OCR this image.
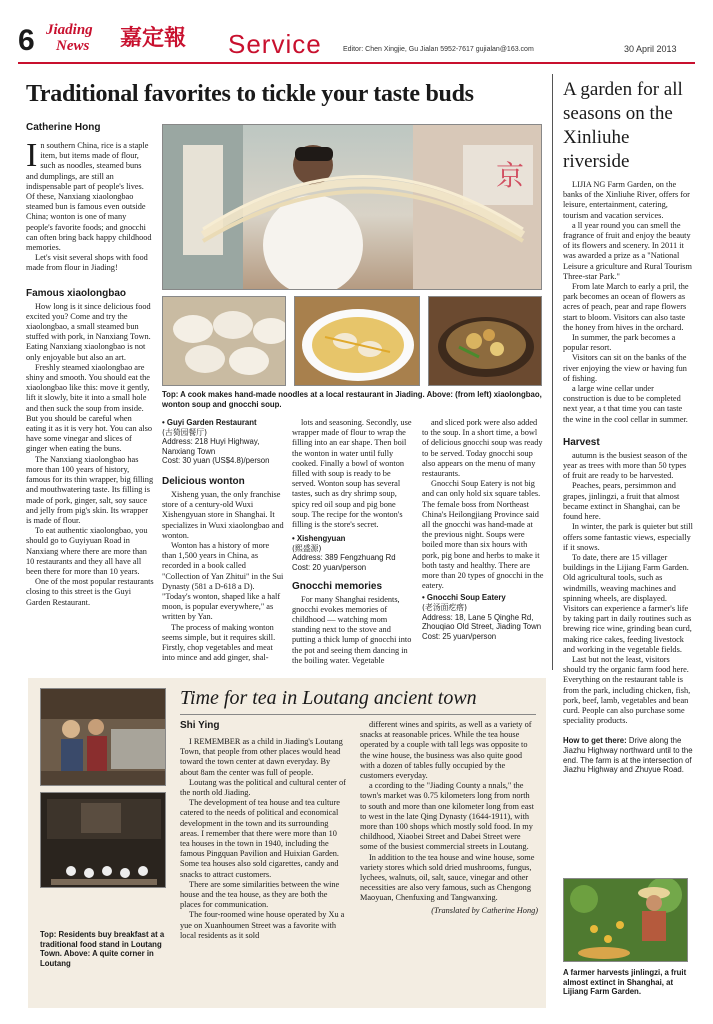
6 Jiading
News 嘉定報 Service	Editor: Chen Xingjie, Gu Jialan 5952-7617 gujialan@163.com	30 April 2013
Traditional favorites to tickle your taste buds
Catherine Hong
I n southern China, rice is a staple item, but items made of flour, such as noodles, steamed buns and dumplings, are still an indispensable part of people's lives. Of these, Nanxiang xiaolongbao steamed bun is famous even outside China; wonton is one of many people's favorite foods; and gnocchi can often bring back happy childhood memories.

Let's visit several shops with food made from flour in Jiading!

Famous xiaolongbao

How long is it since delicious food excited you? Come and try the xiaolongbao, a small steamed bun stuffed with pork, in Nanxiang Town. Eating Nanxiang xiaolongbao is not only enjoyable but also an art.

Freshly steamed xiaolongbao are shiny and smooth. You should eat the xiaolongbao like this: move it gently, lift it slowly, bite it into a small hole and then suck the soup from inside. But you should be careful when eating it as it is very hot. You can also have some vinegar and slices of ginger when eating the buns.

The Nanxiang xiaolongbao has more than 100 years of history, famous for its thin wrapper, big filling and mouthwatering taste. Its filling is made of pork, ginger, salt, soy sauce and jelly from pig's skin. Its wrapper is made of flour.

To eat authentic xiaolongbao, you should go to Guyiyuan Road in Nanxiang where there are more than 10 restaurants and they all have all been there for more than 10 years.

One of the most popular restaurants closing to this street is the Guyi Garden Restaurant.

京
Top: A cook makes hand-made noodles at a local restaurant in Jiading. Above: (from left) xiaolongbao, wonton soup and gnocchi soup.
• Guyi Garden Restaurant
(古猗园餐厅)
Address: 218 Huyi Highway, Nanxiang Town
Cost: 30 yuan (US$4.8)/person
Delicious wonton

Xisheng yuan, the only franchise store of a century-old Wuxi Xishengyuan store in Shanghai. It specializes in Wuxi xiaolongbao and wonton.

Wonton has a history of more than 1,500 years in China, as recorded in a book called "Collection of Yan Zhitui" in the Sui Dynasty (581 a D-618 a D). "Today's wonton, shaped like a half moon, is popular everywhere," as written by Yan.

The process of making wonton seems simple, but it requires skill. Firstly, chop vegetables and meat into mince and add ginger, shal-

lots and seasoning. Secondly, use wrapper made of flour to wrap the filling into an ear shape. Then boil the wonton in water until fully cooked. Finally a bowl of wonton filled with soup is ready to be served. Wonton soup has several tastes, such as dry shrimp soup, spicy red oil soup and pig bone soup. The recipe for the wonton's filling is the store's secret.

• Xishengyuan
(熙盛源)
Address: 389 Fengzhuang Rd
Cost: 20 yuan/person
Gnocchi memories

For many Shanghai residents, gnocchi evokes memories of childhood — watching mom standing next to the stove and putting a thick lump of gnocchi into the pot and seeing them dancing in the boiling water. Vegetable

and sliced pork were also added to the soup. In a short time, a bowl of delicious gnocchi soup was ready to be served. Today gnocchi soup also appears on the menu of many restaurants.

Gnocchi Soup Eatery is not big and can only hold six square tables. The female boss from Northeast China's Heilongjiang Province said all the gnocchi was hand-made at the previous night. Soups were boiled more than six hours with pork, pig bone and herbs to make it both tasty and healthy. There are more than 20 types of gnocchi in the eatery.

• Gnocchi Soup Eatery
(老汤面疙瘩)
Address: 18, Lane 5 Qinghe Rd, Zhouqiao Old Street, Jiading Town
Cost: 25 yuan/person
A garden for all seasons on the Xinliuhe riverside

LIJIA NG Farm Garden, on the banks of the Xinliuhe River, offers for leisure, entertainment, catering, tourism and vacation services.

a ll year round you can smell the fragrance of fruit and enjoy the beauty of its flowers and scenery. In 2011 it was awarded a prize as a "National Leisure a griculture and Rural Tourism Three-star Park."

From late March to early a pril, the park becomes an ocean of flowers as acres of peach, pear and rape flowers start to bloom. Visitors can also taste the honey from hives in the orchard.

In summer, the park becomes a popular resort.

Visitors can sit on the banks of the river enjoying the view or having fun of fishing.

a large wine cellar under construction is due to be completed next year, a t that time you can taste the wine in the cool cellar in summer.

Harvest

autumn is the busiest season of the year as trees with more than 50 types of fruit are ready to be harvested.

Peaches, pears, persimmon and grapes, jinlingzi, a fruit that almost became extinct in Shanghai, can be found here.

In winter, the park is quieter but still offers some fantastic views, especially if it snows.

To date, there are 15 villager buildings in the Lijiang Farm Garden. Old agricultural tools, such as windmills, weaving machines and spinning wheels, are displayed. Visitors can experience a farmer's life by taking part in daily routines such as brewing rice wine, grinding bean curd, making rice cakes, feeding livestock and working in the vegetable fields.

Last but not the least, visitors should try the organic farm food here. Everything on the restaurant table is from the park, including chicken, fish, pork, beef, lamb, vegetables and bean curd. People can also purchase some speciality products.

How to get there: Drive along the Jiazhu Highway northward until to the end. The farm is at the intersection of Jiazhu Highway and Zhuyue Road.
A farmer harvests jinlingzi, a fruit almost extinct in Shanghai, at Lijiang Farm Garden.
Top: Residents buy breakfast at a traditional food stand in Loutang Town. Above: A quite corner in Loutang
Time for tea in Loutang ancient town
Shi Ying

I REMEMBER as a child in Jiading's Loutang Town, that people from other places would head toward the town center at dawn everyday. By about 8am the center was full of people.

Loutang was the political and cultural center of the north old Jiading.

The development of tea house and tea culture catered to the needs of political and economical development in the town and its surrounding areas. I remember that there were more than 10 tea houses in the town in 1940, including the famous Pingquan Pavilion and Huixian Garden. Some tea houses also sold cigarettes, candy and snacks to attract customers.

There are some similarities between the wine house and the tea house, as they are both the places for communication.

The four-roomed wine house operated by Xu a yue on Xuanhoumen Street was a favorite with local residents as it sold

different wines and spirits, as well as a variety of snacks at reasonable prices. While the tea house operated by a couple with tall legs was opposite to the wine house, the business was also quite good with a dozen of tables fully occupied by the customers everyday.

a ccording to the "Jiading County a nnals," the town's market was 0.75 kilometers long from north to south and more than one kilometer long from east to west in the late Qing Dynasty (1644-1911), with more than 100 shops which mostly sold food. In my childhood, Xiaobei Street and Dabei Street were some of the busiest commercial streets in Loutang.

In addition to the tea house and wine house, some variety stores which sold dried mushrooms, fungus, lychees, walnuts, oil, salt, sauce, vinegar and other necessities are also very famous, such as Chengong Maoyuan, Chenfuxing and Tangwanxing.

(Translated by Catherine Hong)
